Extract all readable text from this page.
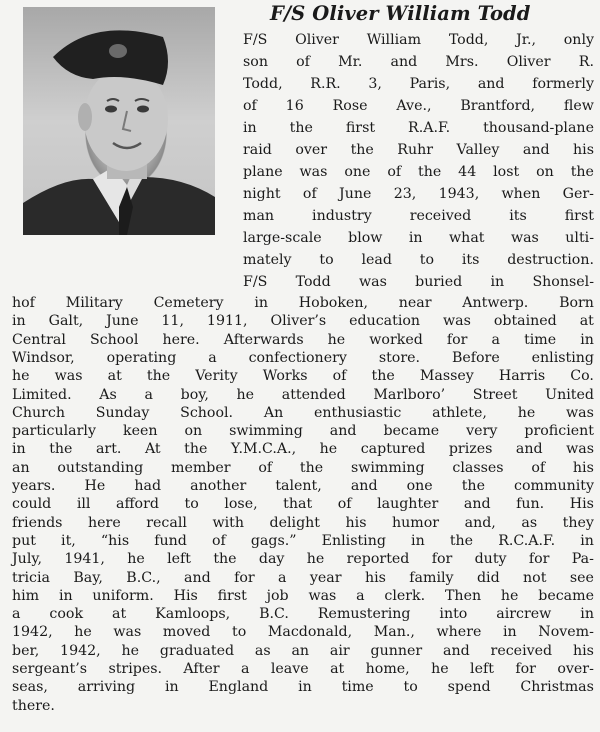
F/S Oliver William Todd
F/S Oliver William Todd, Jr., only
son of Mr. and Mrs. Oliver R.
Todd, R.R. 3, Paris, and formerly
of 16 Rose Ave., Brantford, flew
in the first R.A.F. thousand-plane
raid over the Ruhr Valley and his
plane was one of the 44 lost on the
night of June 23, 1943, when Ger-
man	industry	received	its	first
large-scale blow in what was ulti-
mately to lead to its destruction.
F/S Todd was buried in Shonsel-
hof Military Cemetery in Hoboken, near Antwerp. Born
in Galt, June 11, 1911, Oliver’s education was obtained at
Central School here. Afterwards he worked for a time in
Windsor, operating a confectionery store. Before enlisting
he was at the Verity Works of the Massey Harris Co.
Limited. As a boy, he attended Marlboro’ Street United
Church Sunday School. An enthusiastic athlete, he was
particularly keen on swimming and became very proficient
in the art. At the Y.M.C.A., he captured prizes and was
an outstanding member of the swimming classes of his
years. He had another talent, and one the community
could ill afford to lose, that of laughter and fun. His
friends here recall with delight his humor and, as they
put it, “his fund of gags.” Enlisting in the R.C.A.F. in
July, 1941, he left the day he reported for duty for Pa-
tricia Bay, B.C., and for a year his family did not see
him in uniform. His first job was a clerk. Then he became
a cook at Kamloops, B.C. Remustering into aircrew in
1942, he was moved to Macdonald, Man., where in Novem-
ber, 1942, he graduated as an air gunner and received his
sergeant’s stripes. After a leave at home, he left for over-
seas, arriving in England in time to spend Christmas
there.
